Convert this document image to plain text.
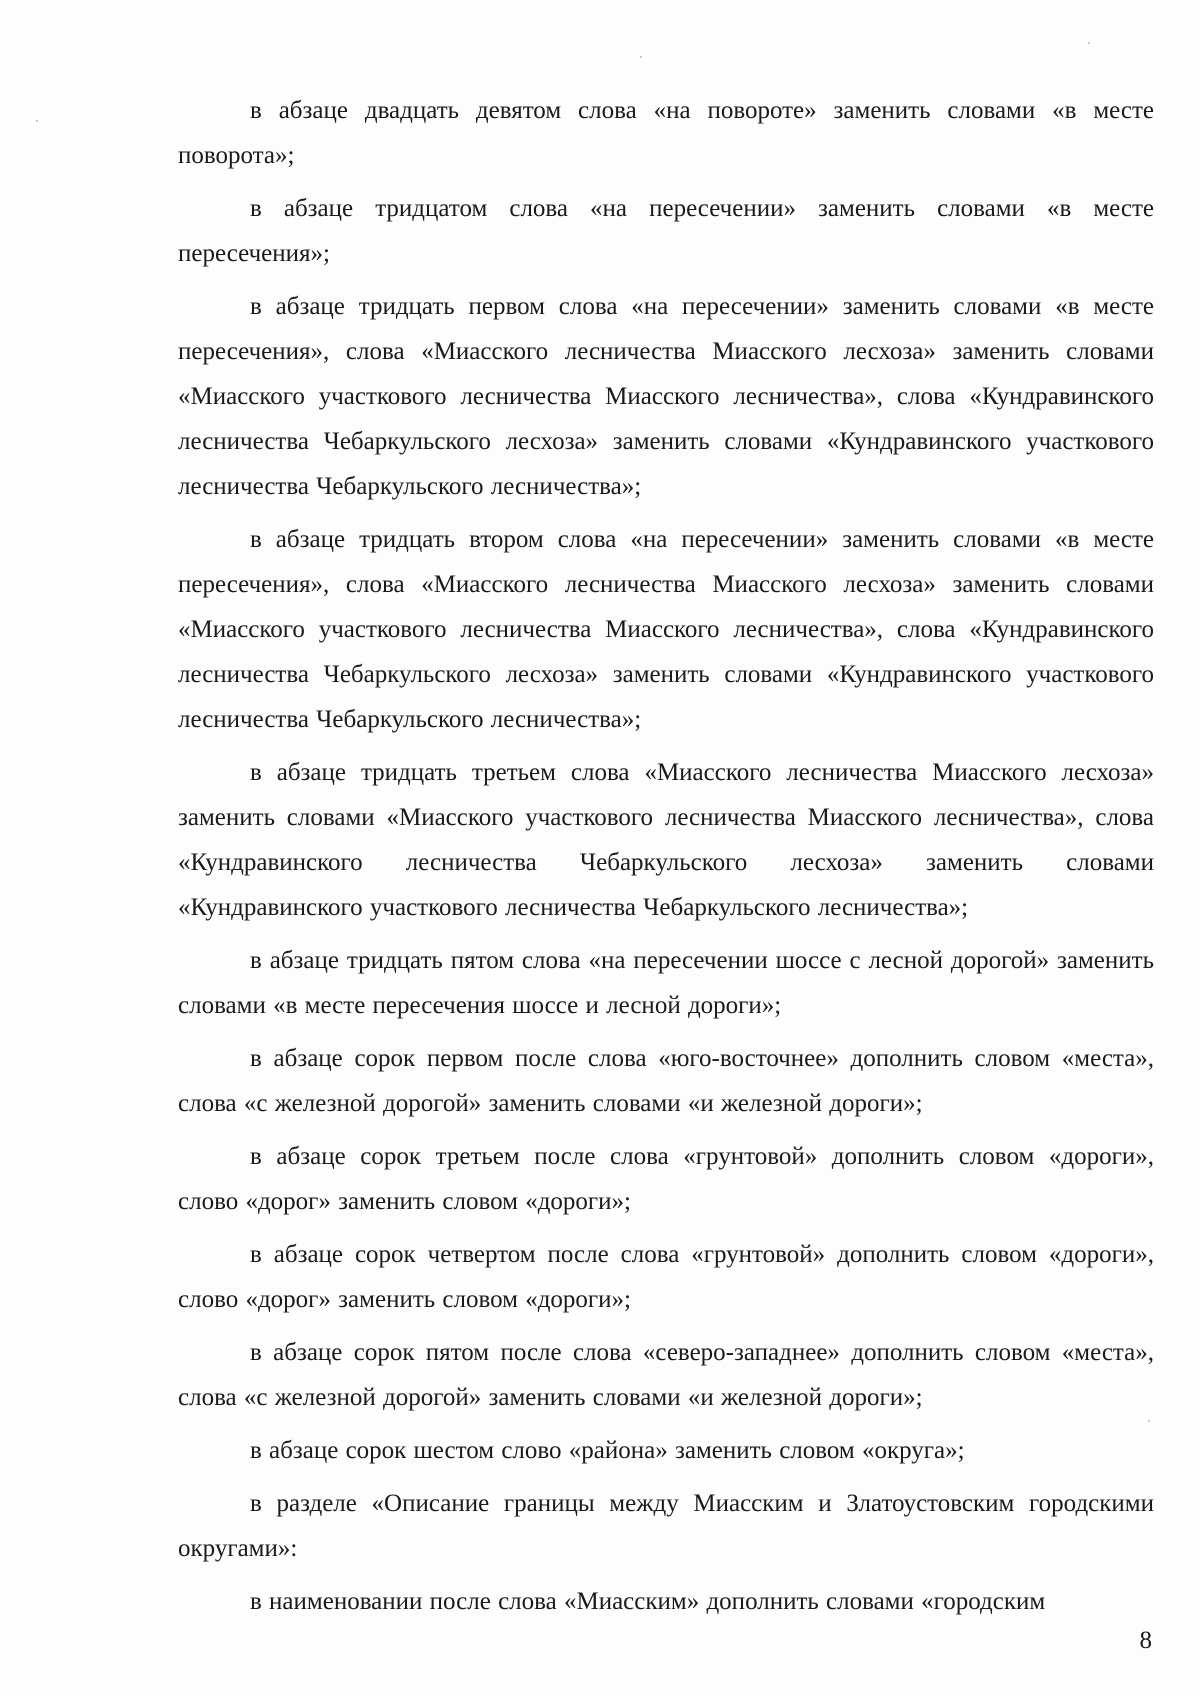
в абзаце двадцать девятом слова «на повороте» заменить словами «в месте поворота»;

в абзаце тридцатом слова «на пересечении» заменить словами «в месте пересечения»;

в абзаце тридцать первом слова «на пересечении» заменить словами «в месте пересечения», слова «Миасского лесничества Миасского лесхоза» заменить словами «Миасского участкового лесничества Миасского лесничества», слова «Кундравинского лесничества Чебаркульского лесхоза» заменить словами «Кундравинского участкового лесничества Чебаркульского лесничества»;

в абзаце тридцать втором слова «на пересечении» заменить словами «в месте пересечения», слова «Миасского лесничества Миасского лесхоза» заменить словами «Миасского участкового лесничества Миасского лесничества», слова «Кундравинского лесничества Чебаркульского лесхоза» заменить словами «Кундравинского участкового лесничества Чебаркульского лесничества»;

в абзаце тридцать третьем слова «Миасского лесничества Миасского лесхоза» заменить словами «Миасского участкового лесничества Миасского лесничества», слова «Кундравинского лесничества Чебаркульского лесхоза» заменить словами «Кундравинского участкового лесничества Чебаркульского лесничества»;

в абзаце тридцать пятом слова «на пересечении шоссе с лесной дорогой» заменить словами «в месте пересечения шоссе и лесной дороги»;

в абзаце сорок первом после слова «юго-восточнее» дополнить словом «места», слова «с железной дорогой» заменить словами «и железной дороги»;

в абзаце сорок третьем после слова «грунтовой» дополнить словом «дороги», слово «дорог» заменить словом «дороги»;

в абзаце сорок четвертом после слова «грунтовой» дополнить словом «дороги», слово «дорог» заменить словом «дороги»;

в абзаце сорок пятом после слова «северо-западнее» дополнить словом «места», слова «с железной дорогой» заменить словами «и железной дороги»;

в абзаце сорок шестом слово «района» заменить словом «округа»;

в разделе «Описание границы между Миасским и Златоустовским городскими округами»:

в наименовании после слова «Миасским» дополнить словами «городским

8
